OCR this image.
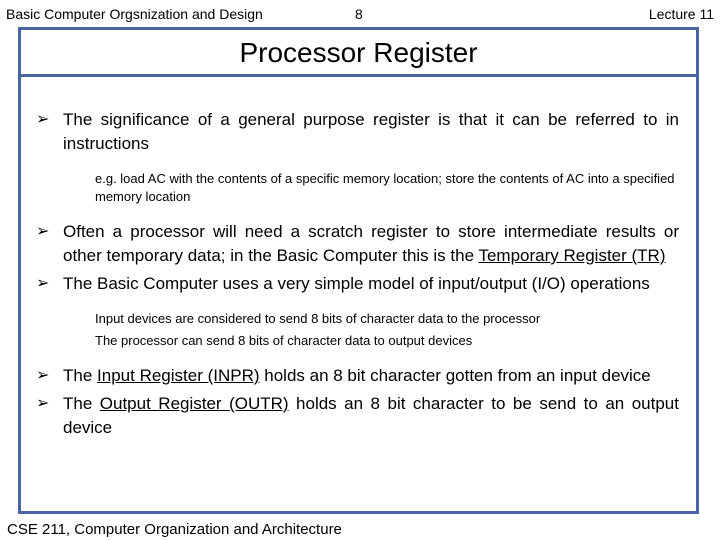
Basic Computer Orgsnization and Design	8	Lecture 11
Processor Register
➢ The significance of a general purpose register is that it can be referred to in instructions

e.g. load AC with the contents of a specific memory location; store the contents of AC into a specified memory location

➢ Often a processor will need a scratch register to store intermediate results or other temporary data; in the Basic Computer this is the Temporary Register (TR)
➢ The Basic Computer uses a very simple model of input/output (I/O) operations

Input devices are considered to send 8 bits of character data to the processor

The processor can send 8 bits of character data to output devices

➢ The Input Register (INPR) holds an 8 bit character gotten from an input device
➢ The Output Register (OUTR) holds an 8 bit character to be send to an output device
CSE 211, Computer Organization and Architecture
